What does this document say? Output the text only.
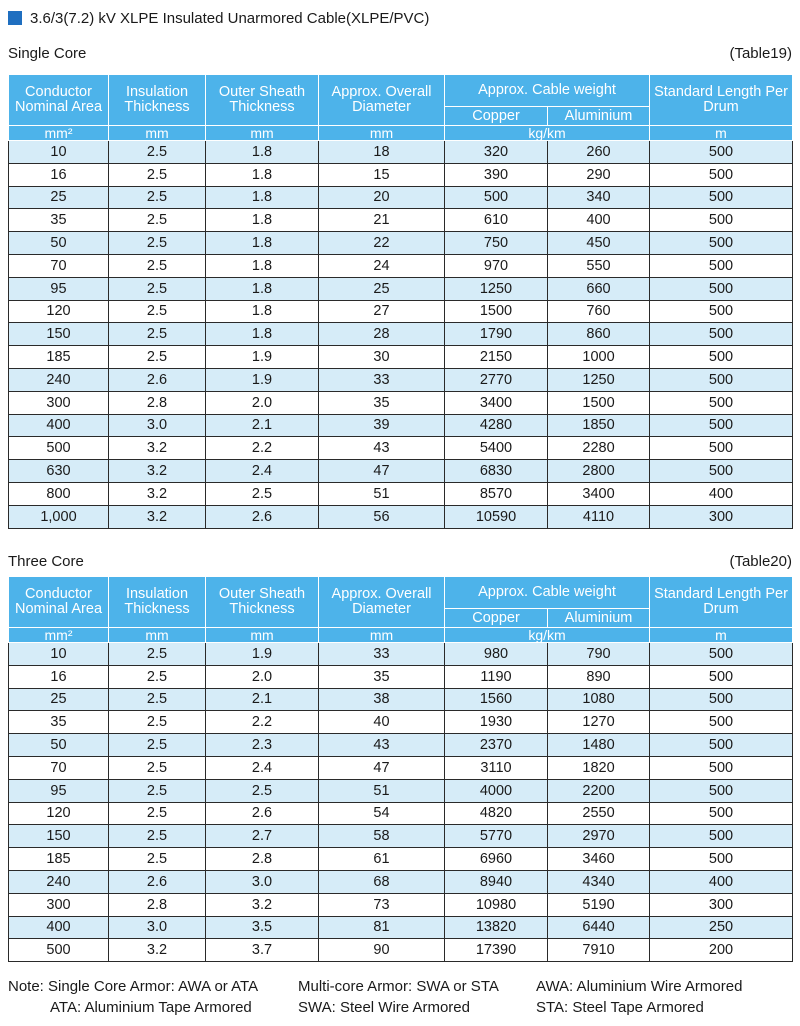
3.6/3(7.2) kV XLPE Insulated Unarmored Cable(XLPE/PVC)
Single Core	(Table19)
Conductor Nominal Area	Insulation Thickness	Outer Sheath Thickness	Approx. Overall Diameter	Approx. Cable weight		Standard Length Per Drum
				Copper	Aluminium	
mm²	mm	mm	mm	kg/km		m
10	2.5	1.8	18	320	260	500
16	2.5	1.8	15	390	290	500
25	2.5	1.8	20	500	340	500
35	2.5	1.8	21	610	400	500
50	2.5	1.8	22	750	450	500
70	2.5	1.8	24	970	550	500
95	2.5	1.8	25	1250	660	500
120	2.5	1.8	27	1500	760	500
150	2.5	1.8	28	1790	860	500
185	2.5	1.9	30	2150	1000	500
240	2.6	1.9	33	2770	1250	500
300	2.8	2.0	35	3400	1500	500
400	3.0	2.1	39	4280	1850	500
500	3.2	2.2	43	5400	2280	500
630	3.2	2.4	47	6830	2800	500
800	3.2	2.5	51	8570	3400	400
1,000	3.2	2.6	56	10590	4110	300
Three Core	(Table20)
Conductor Nominal Area	Insulation Thickness	Outer Sheath Thickness	Approx. Overall Diameter	Approx. Cable weight		Standard Length Per Drum
				Copper	Aluminium	
mm²	mm	mm	mm	kg/km		m
10	2.5	1.9	33	980	790	500
16	2.5	2.0	35	1190	890	500
25	2.5	2.1	38	1560	1080	500
35	2.5	2.2	40	1930	1270	500
50	2.5	2.3	43	2370	1480	500
70	2.5	2.4	47	3110	1820	500
95	2.5	2.5	51	4000	2200	500
120	2.5	2.6	54	4820	2550	500
150	2.5	2.7	58	5770	2970	500
185	2.5	2.8	61	6960	3460	500
240	2.6	3.0	68	8940	4340	400
300	2.8	3.2	73	10980	5190	300
400	3.0	3.5	81	13820	6440	250
500	3.2	3.7	90	17390	7910	200
Note: Single Core Armor: AWA or ATA	Multi-core Armor: SWA or STA	AWA: Aluminium Wire Armored
ATA: Aluminium Tape Armored	SWA: Steel Wire Armored	STA: Steel Tape Armored
